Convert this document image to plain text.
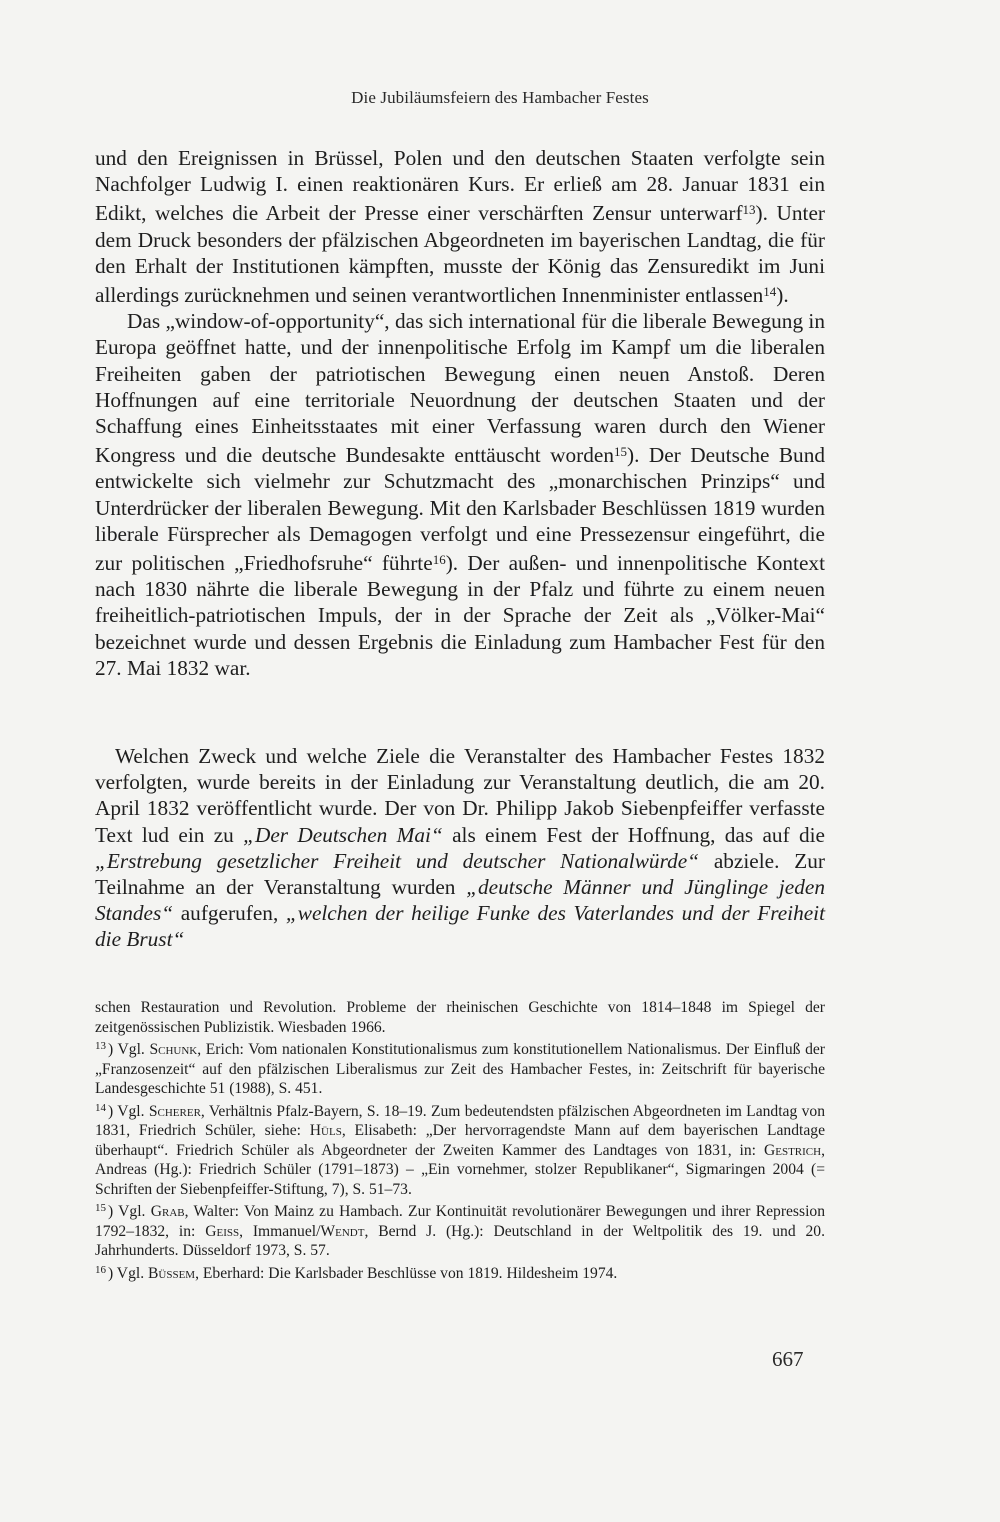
Die Jubiläumsfeiern des Hambacher Festes

und den Ereignissen in Brüssel, Polen und den deutschen Staaten verfolgte sein Nachfolger Ludwig I. einen reaktionären Kurs. Er erließ am 28. Januar 1831 ein Edikt, welches die Arbeit der Presse einer verschärften Zensur unterwarf$^{13}$). Unter dem Druck besonders der pfälzischen Abgeordneten im bayerischen Landtag, die für den Erhalt der Institutionen kämpften, musste der König das Zensuredikt im Juni allerdings zurücknehmen und seinen verantwortlichen Innenminister entlassen$^{14}$).

Das „window-of-opportunity“, das sich international für die liberale Bewegung in Europa geöffnet hatte, und der innenpolitische Erfolg im Kampf um die liberalen Freiheiten gaben der patriotischen Bewegung einen neuen Anstoß. Deren Hoffnungen auf eine territoriale Neuordnung der deutschen Staaten und der Schaffung eines Einheitsstaates mit einer Verfassung waren durch den Wiener Kongress und die deutsche Bundesakte enttäuscht worden$^{15}$). Der Deutsche Bund entwickelte sich vielmehr zur Schutzmacht des „monarchischen Prinzips“ und Unterdrücker der liberalen Bewegung. Mit den Karlsbader Beschlüssen 1819 wurden liberale Fürsprecher als Demagogen verfolgt und eine Pressezensur eingeführt, die zur politischen „Friedhofsruhe“ führte$^{16}$). Der außen- und innenpolitische Kontext nach 1830 nährte die liberale Bewegung in der Pfalz und führte zu einem neuen freiheitlich-patriotischen Impuls, der in der Sprache der Zeit als „Völker-Mai“ bezeichnet wurde und dessen Ergebnis die Einladung zum Hambacher Fest für den 27. Mai 1832 war.

Welchen Zweck und welche Ziele die Veranstalter des Hambacher Festes 1832 verfolgten, wurde bereits in der Einladung zur Veranstaltung deutlich, die am 20. April 1832 veröffentlicht wurde. Der von Dr. Philipp Jakob Siebenpfeiffer verfasste Text lud ein zu „Der Deutschen Mai“ als einem Fest der Hoffnung, das auf die „Erstrebung gesetzlicher Freiheit und deutscher Nationalwürde“ abziele. Zur Teilnahme an der Veranstaltung wurden „deutsche Männer und Jünglinge jeden Standes“ aufgerufen, „welchen der heilige Funke des Vaterlandes und der Freiheit die Brust“

schen Restauration und Revolution. Probleme der rheinischen Geschichte von 1814–1848 im Spiegel der zeitgenössischen Publizistik. Wiesbaden 1966.

$^{13}$ ) Vgl. Schunk, Erich: Vom nationalen Konstitutionalismus zum konstitutionellem Nationalismus. Der Einfluß der „Franzosenzeit“ auf den pfälzischen Liberalismus zur Zeit des Hambacher Festes, in: Zeitschrift für bayerische Landesgeschichte 51 (1988), S. 451.

$^{14}$ ) Vgl. Scherer, Verhältnis Pfalz-Bayern, S. 18–19. Zum bedeutendsten pfälzischen Abgeordneten im Landtag von 1831, Friedrich Schüler, siehe: Hüls, Elisabeth: „Der hervorragendste Mann auf dem bayerischen Landtage überhaupt“. Friedrich Schüler als Abgeordneter der Zweiten Kammer des Landtages von 1831, in: Gestrich, Andreas (Hg.): Friedrich Schüler (1791–1873) – „Ein vornehmer, stolzer Republikaner“, Sigmaringen 2004 (= Schriften der Siebenpfeiffer-Stiftung, 7), S. 51–73.

$^{15}$ ) Vgl. Grab, Walter: Von Mainz zu Hambach. Zur Kontinuität revolutionärer Bewegungen und ihrer Repression 1792–1832, in: Geiss, Immanuel/Wendt, Bernd J. (Hg.): Deutschland in der Weltpolitik des 19. und 20. Jahrhunderts. Düsseldorf 1973, S. 57.

$^{16}$ ) Vgl. Büssem, Eberhard: Die Karlsbader Beschlüsse von 1819. Hildesheim 1974.

667
